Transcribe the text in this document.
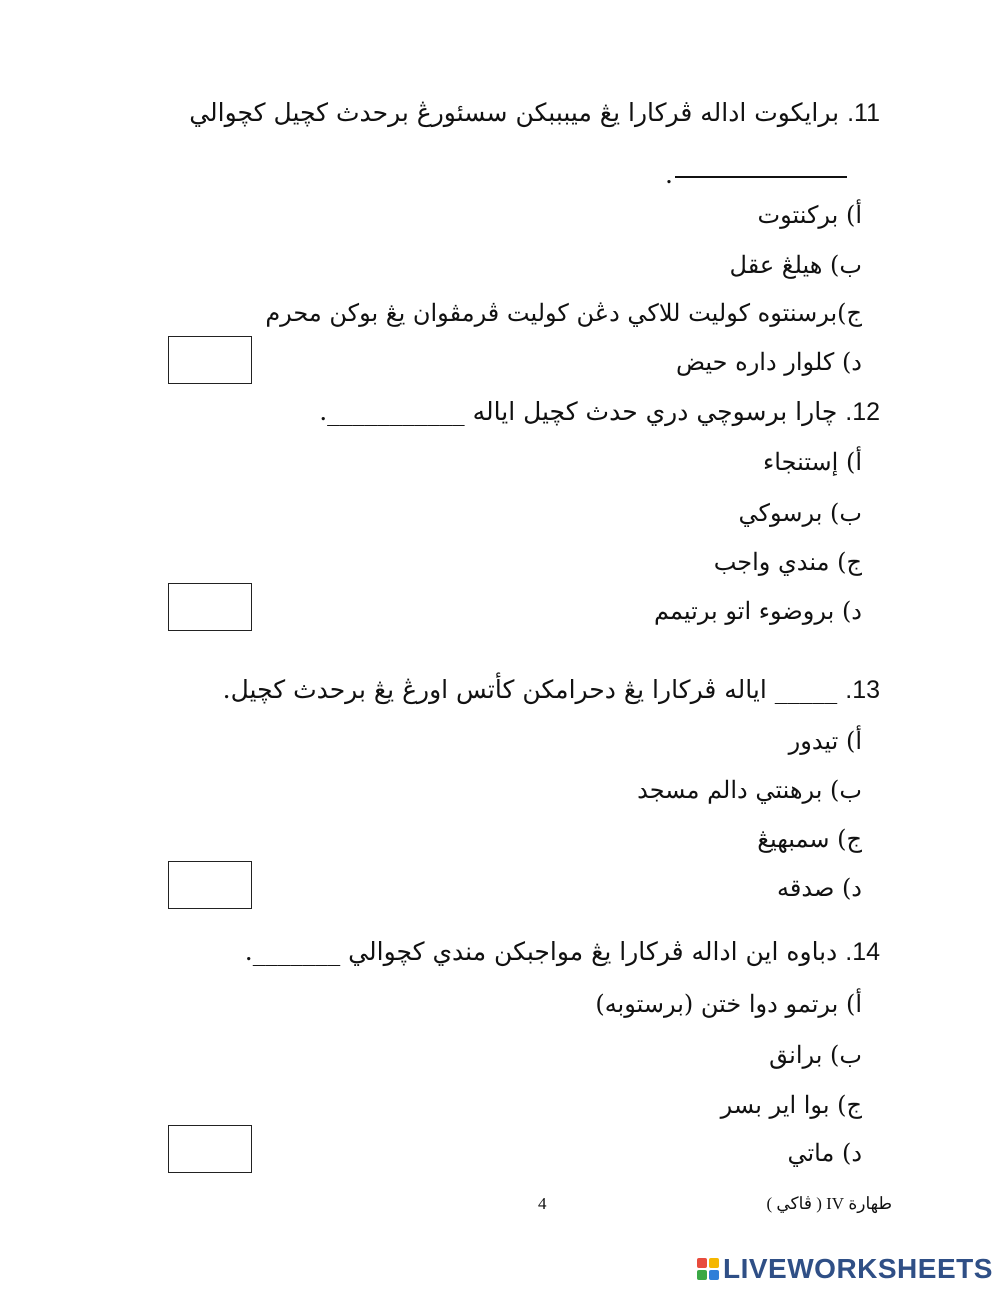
11. برايكوت اداله ڤركارا يڠ ميبببكن سسئورڠ برحدث كچيل كچوالي
.
أ) بركنتوت
ب) هيلڠ عقل
ج)برسنتوه كوليت للاكي دڠن كوليت ڤرمڤوان يڠ بوكن محرم
د) كلوار داره حيض
12. چارا برسوچي دري حدث كچيل اياله ___________.
أ) إستنجاء
ب) برسوكي
ج) مندي واجب
د) بروضوء اتو برتيمم
13. _____ اياله ڤركارا يڠ دحرامكن كأتس اورڠ يڠ برحدث كچيل.
أ) تيدور
ب) برهنتي دالم مسجد
ج) سمبهيڠ
د) صدقه
14. دباوه اين اداله ڤركارا يڠ مواجبكن مندي كچوالي _______.
أ) برتمو دوا ختن (برستوبه)
ب) برانق
ج) بوا اير بسر
د) ماتي
4	طهارة IV ( ڤاكي )
LIVEWORKSHEETS
